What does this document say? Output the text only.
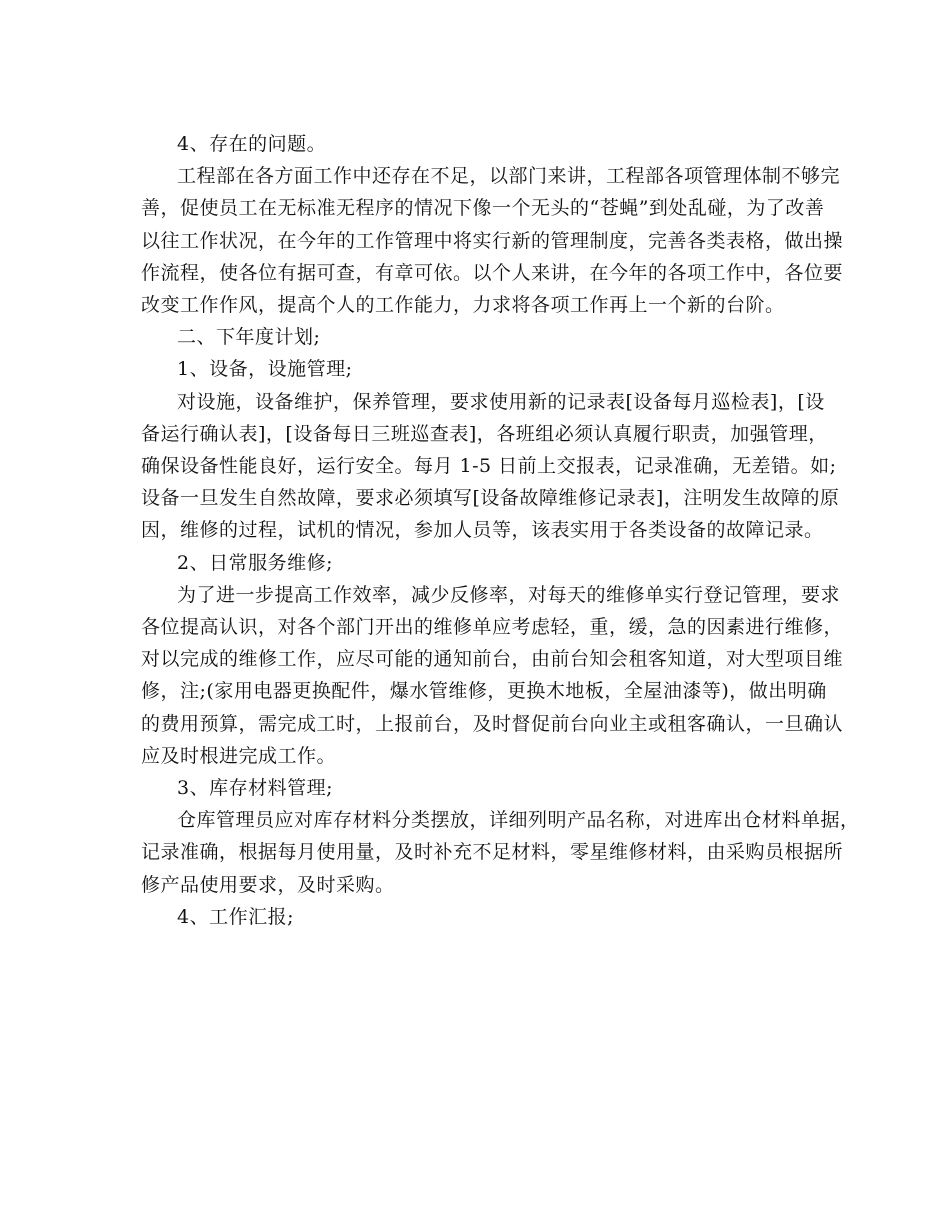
4、存在的问题。

工程部在各方面工作中还存在不足，以部门来讲，工程部各项管理体制不够完

善，促使员工在无标准无程序的情况下像一个无头的“苍蝇”到处乱碰，为了改善

以往工作状况，在今年的工作管理中将实行新的管理制度，完善各类表格，做出操

作流程，使各位有据可查，有章可依。以个人来讲，在今年的各项工作中，各位要

改变工作作风，提高个人的工作能力，力求将各项工作再上一个新的台阶。

二、下年度计划;

1、设备，设施管理;

对设施，设备维护，保养管理，要求使用新的记录表[设备每月巡检表]，[设

备运行确认表]，[设备每日三班巡查表]，各班组必须认真履行职责，加强管理，

确保设备性能良好，运行安全。每月 1-5 日前上交报表，记录准确，无差错。如;

设备一旦发生自然故障，要求必须填写[设备故障维修记录表]，注明发生故障的原

因，维修的过程，试机的情况，参加人员等，该表实用于各类设备的故障记录。

2、日常服务维修;

为了进一步提高工作效率，减少反修率，对每天的维修单实行登记管理，要求

各位提高认识，对各个部门开出的维修单应考虑轻，重，缓，急的因素进行维修，

对以完成的维修工作，应尽可能的通知前台，由前台知会租客知道，对大型项目维

修，注;(家用电器更换配件，爆水管维修，更换木地板，全屋油漆等)，做出明确

的费用预算，需完成工时，上报前台，及时督促前台向业主或租客确认，一旦确认

应及时根进完成工作。

3、库存材料管理;

仓库管理员应对库存材料分类摆放，详细列明产品名称，对进库出仓材料单据，

记录准确，根据每月使用量，及时补充不足材料，零星维修材料，由采购员根据所

修产品使用要求，及时采购。

4、工作汇报;
